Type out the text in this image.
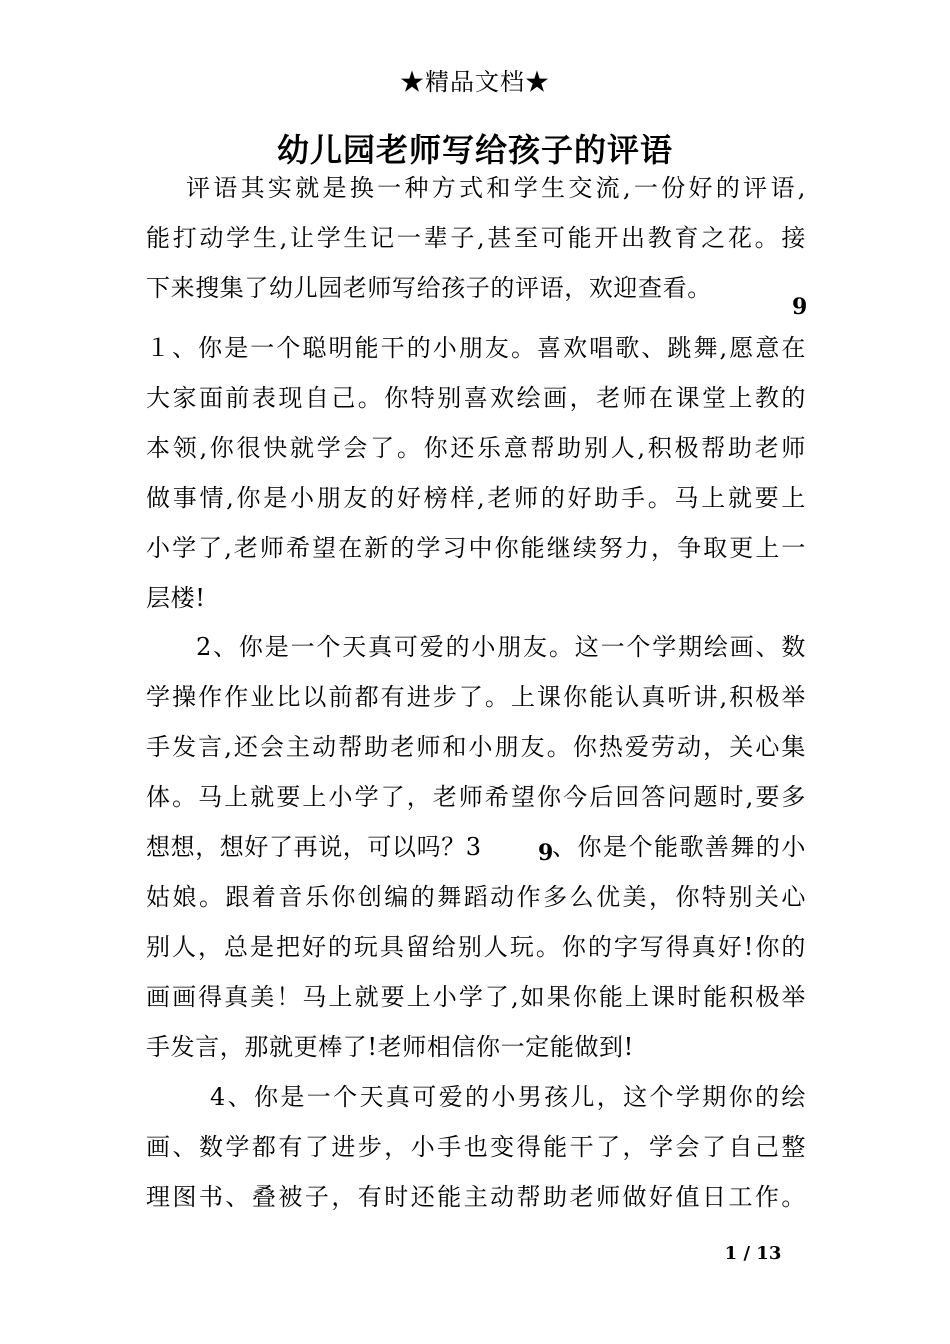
★精品文档★
幼儿园老师写给孩子的评语
评语其实就是换一种方式和学生交流,一份好的评语,
能打动学生,让学生记一辈子,甚至可能开出教育之花。接
下来搜集了幼儿园老师写给孩子的评语，欢迎查看。
9
１、你是一个聪明能干的小朋友。喜欢唱歌、跳舞,愿意在
大家面前表现自己。你特别喜欢绘画，老师在课堂上教的
本领,你很快就学会了。你还乐意帮助别人,积极帮助老师
做事情,你是小朋友的好榜样,老师的好助手。马上就要上
小学了,老师希望在新的学习中你能继续努力，争取更上一
层楼!
2、你是一个天真可爱的小朋友。这一个学期绘画、数
学操作作业比以前都有进步了。上课你能认真听讲,积极举
手发言,还会主动帮助老师和小朋友。你热爱劳动，关心集
体。马上就要上小学了，老师希望你今后回答问题时,要多
想想，想好了再说，可以吗？3	9
、你是个能歌善舞的小
姑娘。跟着音乐你创编的舞蹈动作多么优美，你特别关心
别人，总是把好的玩具留给别人玩。你的字写得真好!你的
画画得真美！马上就要上小学了,如果你能上课时能积极举
手发言，那就更棒了!老师相信你一定能做到!
4、你是一个天真可爱的小男孩儿，这个学期你的绘
画、数学都有了进步，小手也变得能干了，学会了自己整
理图书、叠被子，有时还能主动帮助老师做好值日工作。
1 / 13
